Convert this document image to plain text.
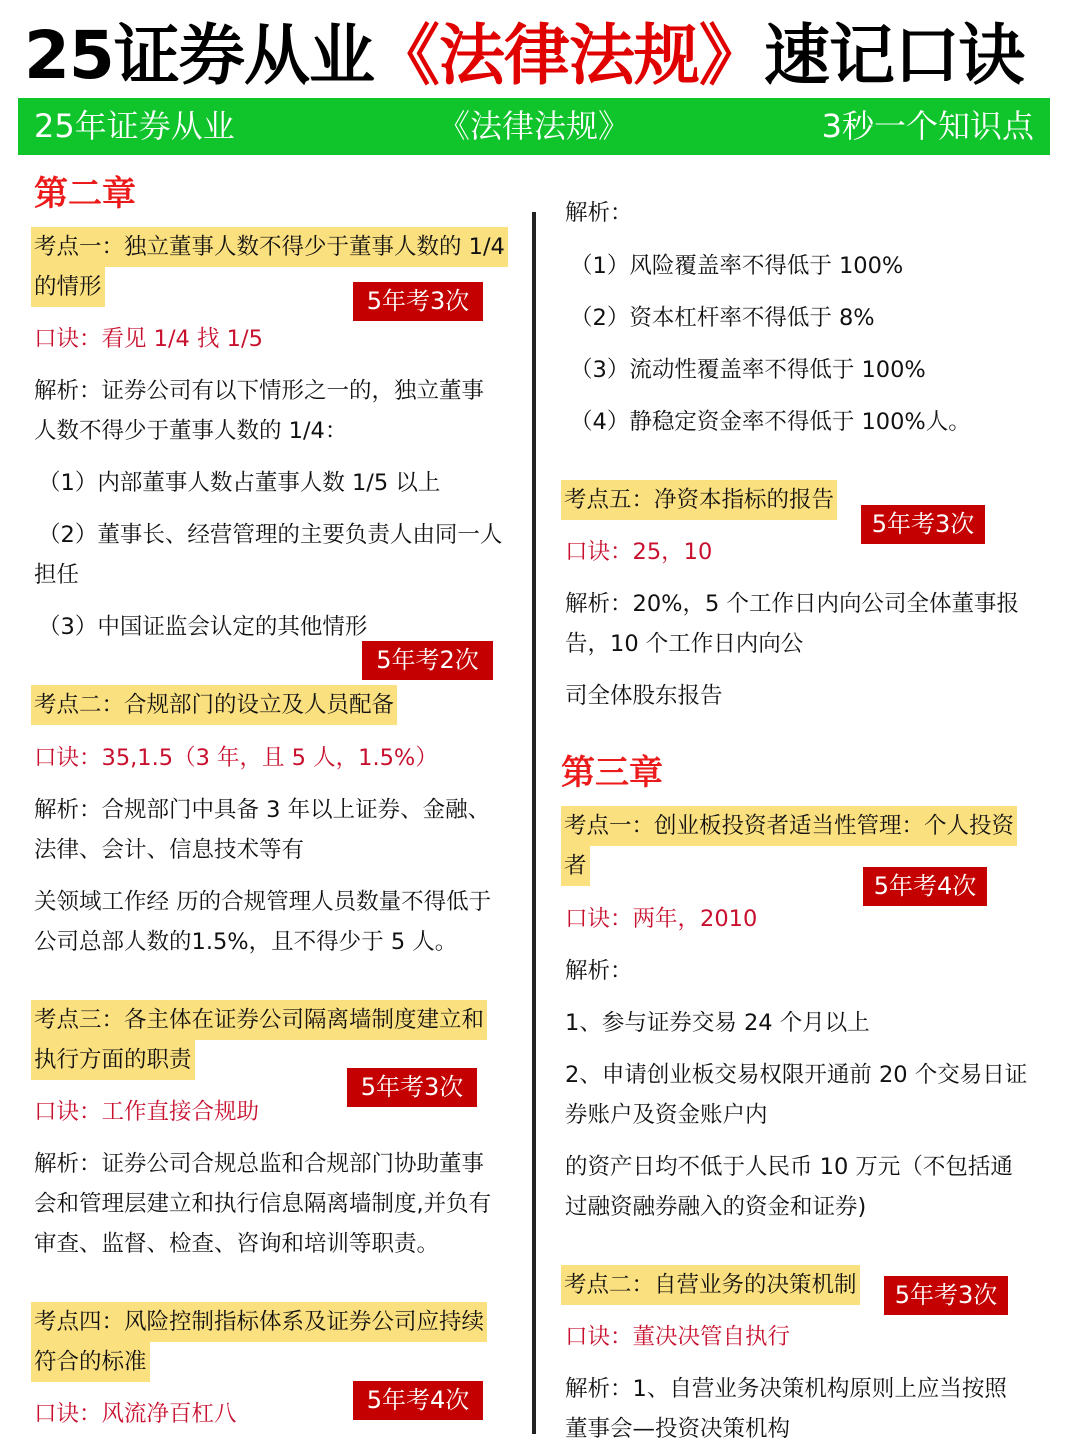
25证券从业《法律法规》速记口诀
25年证券从业	《法律法规》	3秒一个知识点
第二章
考点一：独立董事人数不得少于董事人数的 1/4
的情形	5年考3次
口诀：看见 1/4 找 1/5
解析：证券公司有以下情形之一的，独立董事
人数不得少于董事人数的 1/4：
（1）内部董事人数占董事人数 1/5 以上
（2）董事长、经营管理的主要负责人由同一人
担任
（3）中国证监会认定的其他情形
5年考2次
考点二：合规部门的设立及人员配备
口诀：35,1.5（3 年，且 5 人，1.5%）
解析：合规部门中具备 3 年以上证券、金融、
法律、会计、信息技术等有
关领域工作经 历的合规管理人员数量不得低于
公司总部人数的1.5%，且不得少于 5 人。
考点三：各主体在证券公司隔离墙制度建立和
执行方面的职责
5年考3次
口诀：工作直接合规助
解析：证券公司合规总监和合规部门协助董事
会和管理层建立和执行信息隔离墙制度,并负有
审查、监督、检查、咨询和培训等职责。
考点四：风险控制指标体系及证券公司应持续
符合的标准
5年考4次
口诀：风流净百杠八
解析：
（1）风险覆盖率不得低于 100%
（2）资本杠杆率不得低于 8%
（3）流动性覆盖率不得低于 100%
（4）静稳定资金率不得低于 100%人。
考点五：净资本指标的报告
5年考3次
口诀：25，10
解析：20%，5 个工作日内向公司全体董事报
告，10 个工作日内向公
司全体股东报告
第三章
考点一：创业板投资者适当性管理：个人投资
者
5年考4次
口诀：两年，2010
解析：
1、参与证券交易 24 个月以上
2、申请创业板交易权限开通前 20 个交易日证
券账户及资金账户内
的资产日均不低于人民币 10 万元（不包括通
过融资融券融入的资金和证券)
考点二：自营业务的决策机制	5年考3次
口诀：董决决管自执行
解析：1、自营业务决策机构原则上应当按照
董事会—投资决策机构
